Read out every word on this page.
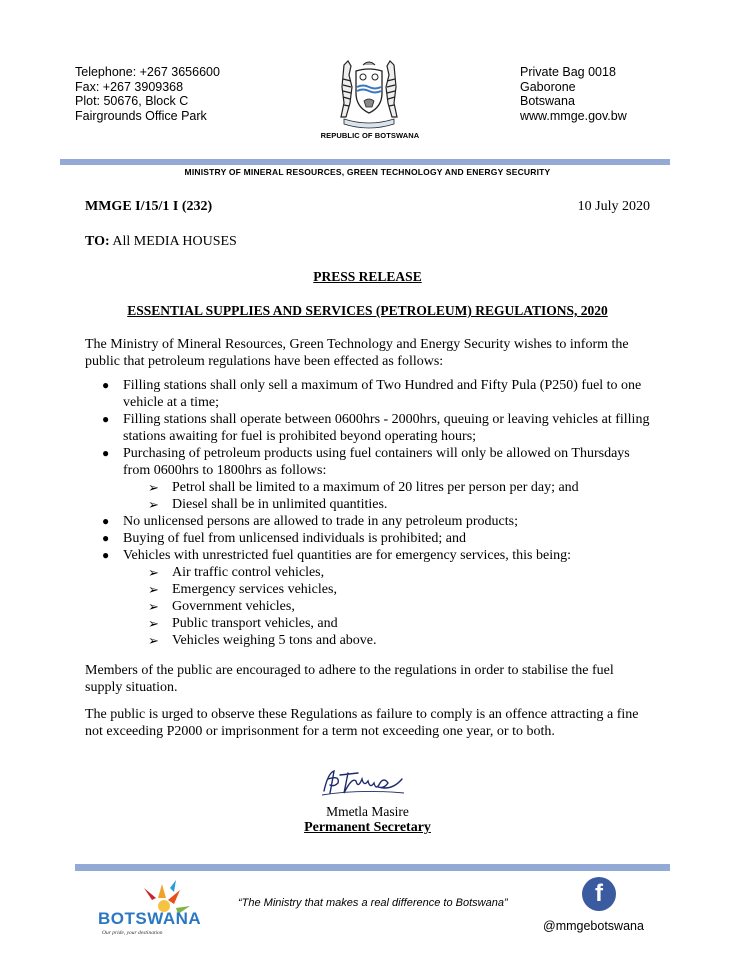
Telephone: +267 3656600
Fax: +267 3909368
Plot: 50676, Block C
Fairgrounds Office Park
REPUBLIC OF BOTSWANA
Private Bag 0018
Gaborone
Botswana
www.mmge.gov.bw
MINISTRY OF MINERAL RESOURCES, GREEN TECHNOLOGY AND ENERGY SECURITY
MMGE I/15/1 I (232)	10 July 2020
TO: All MEDIA HOUSES
PRESS RELEASE
ESSENTIAL SUPPLIES AND SERVICES (PETROLEUM) REGULATIONS, 2020
The Ministry of Mineral Resources, Green Technology and Energy Security wishes to inform the public that petroleum regulations have been effected as follows:
● Filling stations shall only sell a maximum of Two Hundred and Fifty Pula (P250) fuel to one vehicle at a time;
● Filling stations shall operate between 0600hrs - 2000hrs, queuing or leaving vehicles at filling stations awaiting for fuel is prohibited beyond operating hours;
● Purchasing of petroleum products using fuel containers will only be allowed on Thursdays from 0600hrs to 1800hrs as follows:
➢ Petrol shall be limited to a maximum of 20 litres per person per day; and
➢ Diesel shall be in unlimited quantities.
● No unlicensed persons are allowed to trade in any petroleum products;
● Buying of fuel from unlicensed individuals is prohibited; and
● Vehicles with unrestricted fuel quantities are for emergency services, this being:
➢ Air traffic control vehicles,
➢ Emergency services vehicles,
➢ Government vehicles,
➢ Public transport vehicles, and
➢ Vehicles weighing 5 tons and above.
Members of the public are encouraged to adhere to the regulations in order to stabilise the fuel supply situation.
The public is urged to observe these Regulations as failure to comply is an offence attracting a fine not exceeding P2000 or imprisonment for a term not exceeding one year, or to both.
Mmetla Masire
Permanent Secretary
BOTSWANA
Our pride, your destination
“The Ministry that makes a real difference to Botswana”	f
@mmgebotswana
